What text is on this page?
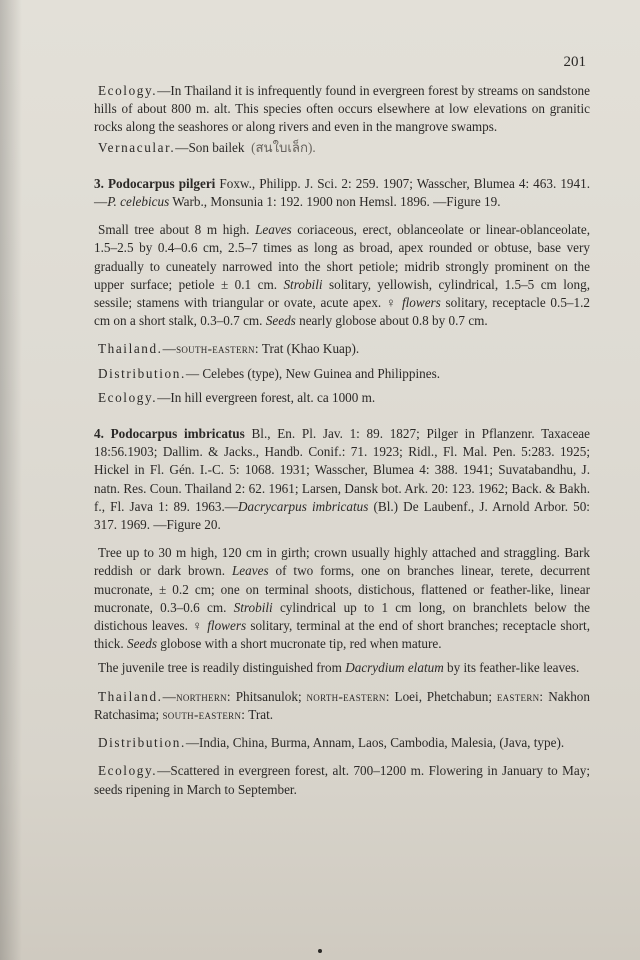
201

Ecology.—In Thailand it is infrequently found in evergreen forest by streams on sandstone hills of about 800 m. alt. This species often occurs elsewhere at low elevations on granitic rocks along the seashores or along rivers and even in the mangrove swamps.

Vernacular.—Son bailek (สนใบเล็ก).

3. Podocarpus pilgeri Foxw., Philipp. J. Sci. 2: 259. 1907; Wasscher, Blumea 4: 463. 1941.—P. celebicus Warb., Monsunia 1: 192. 1900 non Hemsl. 1896. —Figure 19.

Small tree about 8 m high. Leaves coriaceous, erect, oblanceolate or linear-oblanceolate, 1.5–2.5 by 0.4–0.6 cm, 2.5–7 times as long as broad, apex rounded or obtuse, base very gradually to cuneately narrowed into the short petiole; midrib strongly prominent on the upper surface; petiole ± 0.1 cm. Strobili solitary, yellowish, cylindrical, 1.5–5 cm long, sessile; stamens with triangular or ovate, acute apex. ♀ flowers solitary, receptacle 0.5–1.2 cm on a short stalk, 0.3–0.7 cm. Seeds nearly globose about 0.8 by 0.7 cm.

Thailand.—south-eastern: Trat (Khao Kuap).

Distribution.— Celebes (type), New Guinea and Philippines.

Ecology.—In hill evergreen forest, alt. ca 1000 m.

4. Podocarpus imbricatus Bl., En. Pl. Jav. 1: 89. 1827; Pilger in Pflanzenr. Taxaceae 18:56.1903; Dallim. & Jacks., Handb. Conif.: 71. 1923; Ridl., Fl. Mal. Pen. 5:283. 1925; Hickel in Fl. Gén. I.-C. 5: 1068. 1931; Wasscher, Blumea 4: 388. 1941; Suvatabandhu, J. natn. Res. Coun. Thailand 2: 62. 1961; Larsen, Dansk bot. Ark. 20: 123. 1962; Back. & Bakh. f., Fl. Java 1: 89. 1963.—Dacrycarpus imbricatus (Bl.) De Laubenf., J. Arnold Arbor. 50: 317. 1969. —Figure 20.

Tree up to 30 m high, 120 cm in girth; crown usually highly attached and straggling. Bark reddish or dark brown. Leaves of two forms, one on branches linear, terete, decurrent mucronate, ± 0.2 cm; one on terminal shoots, distichous, flattened or feather-like, linear mucronate, 0.3–0.6 cm. Strobili cylindrical up to 1 cm long, on branchlets below the distichous leaves. ♀ flowers solitary, terminal at the end of short branches; receptacle short, thick. Seeds globose with a short mucronate tip, red when mature.

The juvenile tree is readily distinguished from Dacrydium elatum by its feather-like leaves.

Thailand.—northern: Phitsanulok; north-eastern: Loei, Phetchabun; eastern: Nakhon Ratchasima; south-eastern: Trat.

Distribution.—India, China, Burma, Annam, Laos, Cambodia, Malesia, (Java, type).

Ecology.—Scattered in evergreen forest, alt. 700–1200 m. Flowering in January to May; seeds ripening in March to September.
